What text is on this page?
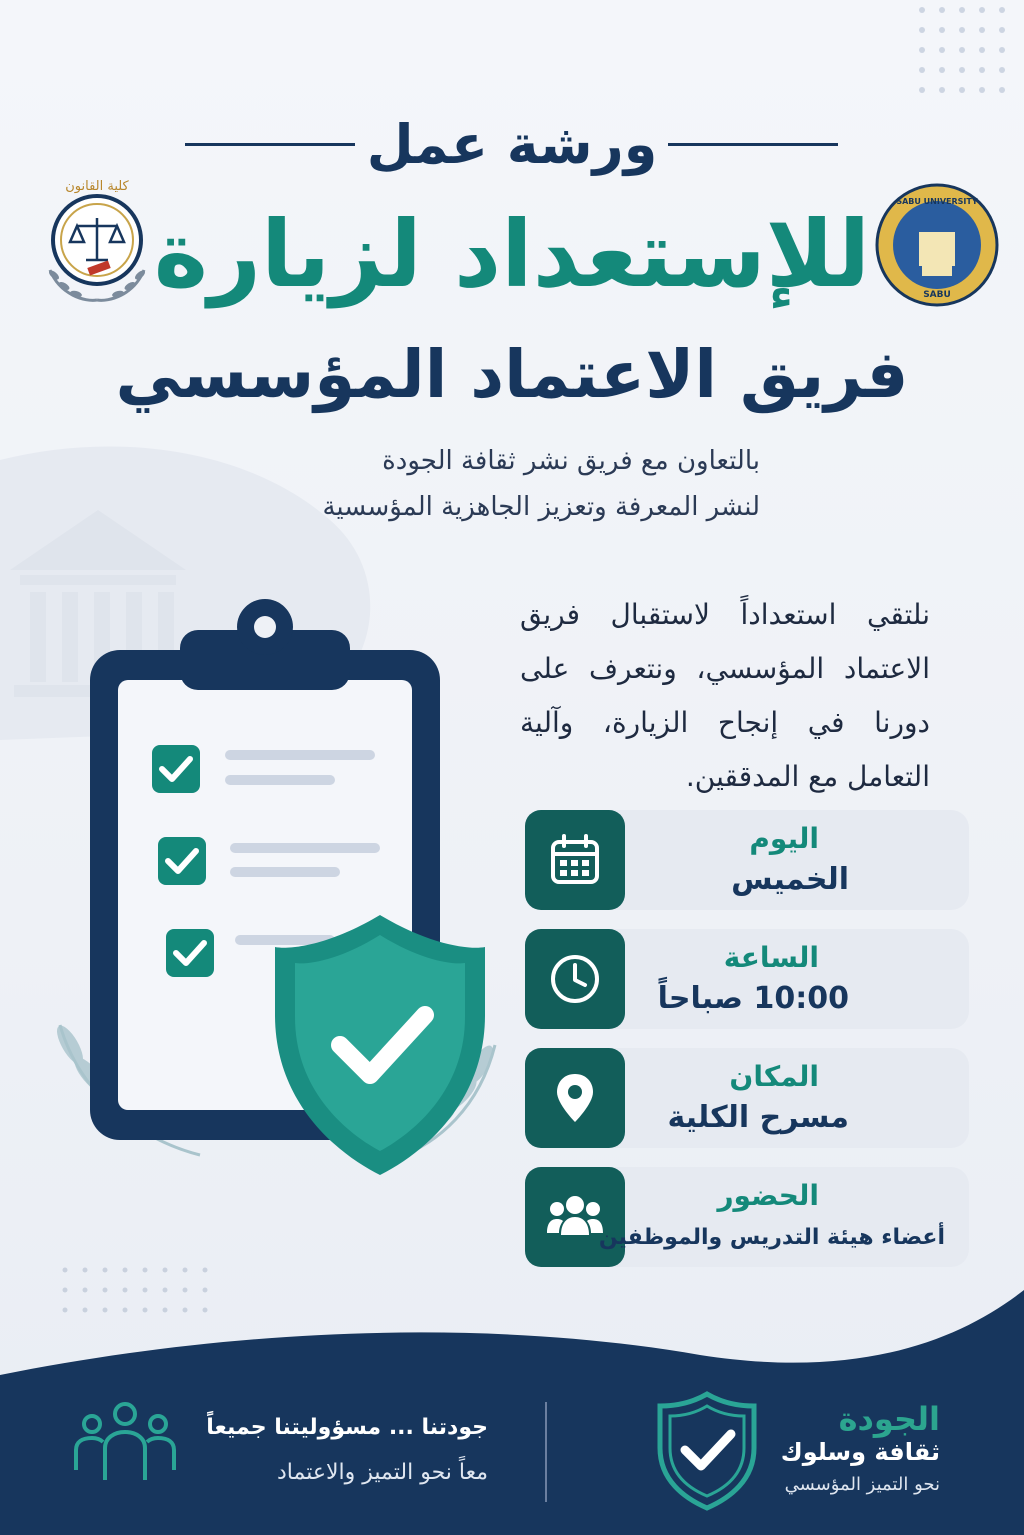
ورشة عمل
للإستعداد لزيارة
فريق الاعتماد المؤسسي
كلية القانون
SABU UNIVERSITY
SABU
بالتعاون مع فريق نشر ثقافة الجودة
لنشر المعرفة وتعزيز الجاهزية المؤسسية
نلتقي استعداداً لاستقبال فريق الاعتماد المؤسسي، ونتعرف على دورنا في إنجاح الزيارة، وآلية التعامل مع المدققين.
اليوم
الخميس
الساعة
10:00 صباحاً
المكان
مسرح الكلية
الحضور
أعضاء هيئة التدريس والموظفين
جودتنا ... مسؤوليتنا جميعاً
معاً نحو التميز والاعتماد
الجودة
ثقافة وسلوك
نحو التميز المؤسسي
